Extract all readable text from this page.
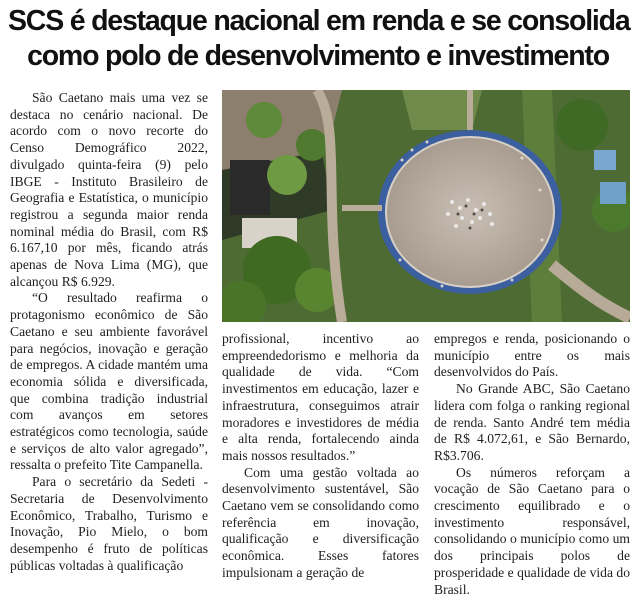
SCS é destaque nacional em renda e se consolida
como polo de desenvolvimento e investimento

São Caetano mais uma vez se destaca no cenário nacional. De acordo com o novo recorte do Censo Demográfico 2022, divulgado quinta-feira (9) pelo IBGE - Instituto Brasileiro de Geografia e Estatística, o município registrou a segunda maior renda nominal média do Brasil, com R$ 6.167,10 por mês, ficando atrás apenas de Nova Lima (MG), que alcançou R$ 6.929.

“O resultado reafirma o protagonismo econômico de São Caetano e seu ambiente favorável para negócios, inovação e geração de empregos. A cidade mantém uma economia sólida e diversificada, que combina tradição industrial com avanços em setores estratégicos como tecnologia, saúde e serviços de alto valor agregado”, ressalta o prefeito Tite Campanella.

Para o secretário da Sedeti - Secretaria de Desenvolvimento Econômico, Trabalho, Turismo e Inovação, Pio Mielo, o bom desempenho é fruto de políticas públicas voltadas à qualificação

profissional, incentivo ao empreendedorismo e melhoria da qualidade de vida. “Com investimentos em educação, lazer e infraestrutura, conseguimos atrair moradores e investidores de média e alta renda, fortalecendo ainda mais nossos resultados.”

Com uma gestão voltada ao desenvolvimento sustentável, São Caetano vem se consolidando como referência em inovação, qualificação e diversificação econômica. Esses fatores impulsionam a geração de

empregos e renda, posicionando o município entre os mais desenvolvidos do País.

No Grande ABC, São Caetano lidera com folga o ranking regional de renda. Santo André tem média de R$ 4.072,61, e São Bernardo, R$3.706.

Os números reforçam a vocação de São Caetano para o crescimento equilibrado e o investimento responsável, consolidando o município como um dos principais polos de prosperidade e qualidade de vida do Brasil.
